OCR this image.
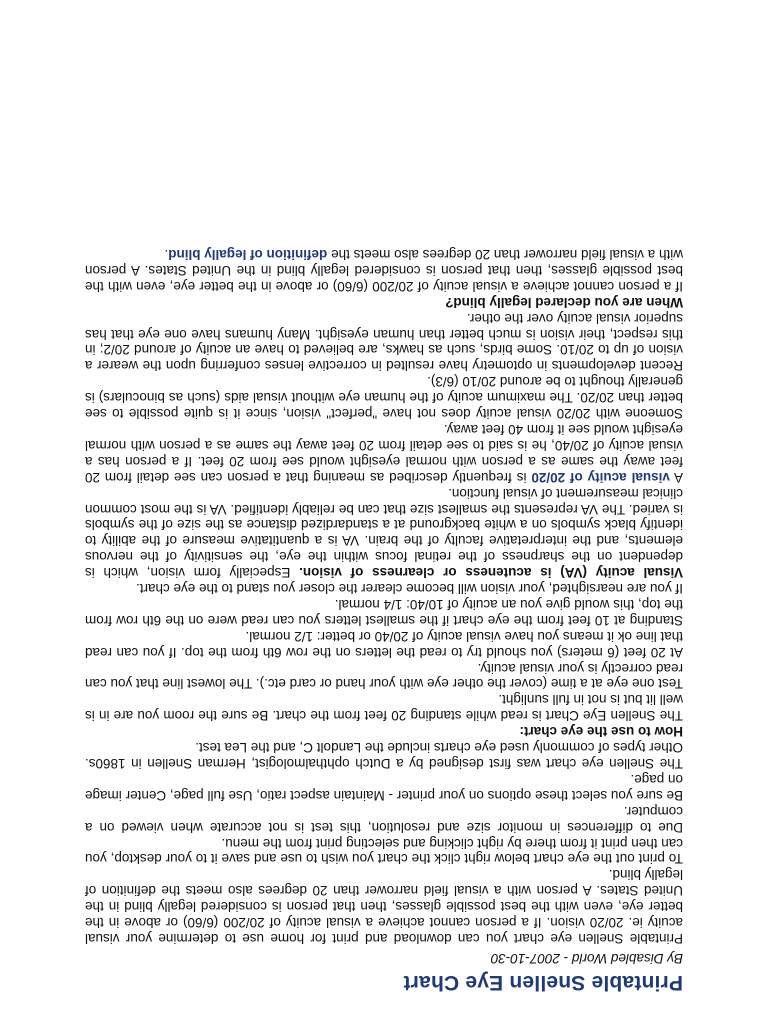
Printable Snellen Eye Chart
By Disabled World - 2007-10-30

Printable Snellen eye chart you can download and print for home use to determine your visual acuity ie. 20/20 vision. If a person cannot achieve a visual acuity of 20/200 (6/60) or above in the better eye, even with the best possible glasses, then that person is considered legally blind in the United States. A person with a visual field narrower than 20 degrees also meets the definition of legally blind.

To print out the eye chart below right click the chart you wish to use and save it to your desktop, you can then print it from there by right clicking and selecting print from the menu.

Due to differences in monitor size and resolution, this test is not accurate when viewed on a computer.

Be sure you select these options on your printer - Maintain aspect ratio, Use full page, Center image on page.

The Snellen eye chart was first designed by a Dutch ophthalmologist, Herman Snellen in 1860s. Other types of commonly used eye charts include the Landolt C, and the Lea test.

How to use the eye chart:

The Snellen Eye Chart is read while standing 20 feet from the chart. Be sure the room you are in is well lit but is not in full sunlight.

Test one eye at a time (cover the other eye with your hand or card etc.). The lowest line that you can read correctly is your visual acuity.

At 20 feet (6 meters) you should try to read the letters on the row 6th from the top. If you can read that line ok it means you have visual acuity of 20/40 or better: 1/2 normal.

Standing at 10 feet from the eye chart if the smallest letters you can read were on the 6th row from the top, this would give you an acuity of 10/40: 1/4 normal.

If you are nearsighted, your vision will become clearer the closer you stand to the eye chart.

Visual acuity (VA) is acuteness or clearness of vision. Especially form vision, which is dependent on the sharpness of the retinal focus within the eye, the sensitivity of the nervous elements, and the interpretative faculty of the brain. VA is a quantitative measure of the ability to identify black symbols on a white background at a standardized distance as the size of the symbols is varied. The VA represents the smallest size that can be reliably identified. VA is the most common clinical measurement of visual function.

A visual acuity of 20/20 is frequently described as meaning that a person can see detail from 20 feet away the same as a person with normal eyesight would see from 20 feet. If a person has a visual acuity of 20/40, he is said to see detail from 20 feet away the same as a person with normal eyesight would see it from 40 feet away.

Someone with 20/20 visual acuity does not have "perfect" vision, since it is quite possible to see better than 20/20. The maximum acuity of the human eye without visual aids (such as binoculars) is generally thought to be around 20/10 (6/3).

Recent developments in optometry have resulted in corrective lenses conferring upon the wearer a vision of up to 20/10. Some birds, such as hawks, are believed to have an acuity of around 20/2; in this respect, their vision is much better than human eyesight. Many humans have one eye that has superior visual acuity over the other.

When are you declared legally blind?

If a person cannot achieve a visual acuity of 20/200 (6/60) or above in the better eye, even with the best possible glasses, then that person is considered legally blind in the United States. A person with a visual field narrower than 20 degrees also meets the definition of legally blind.
